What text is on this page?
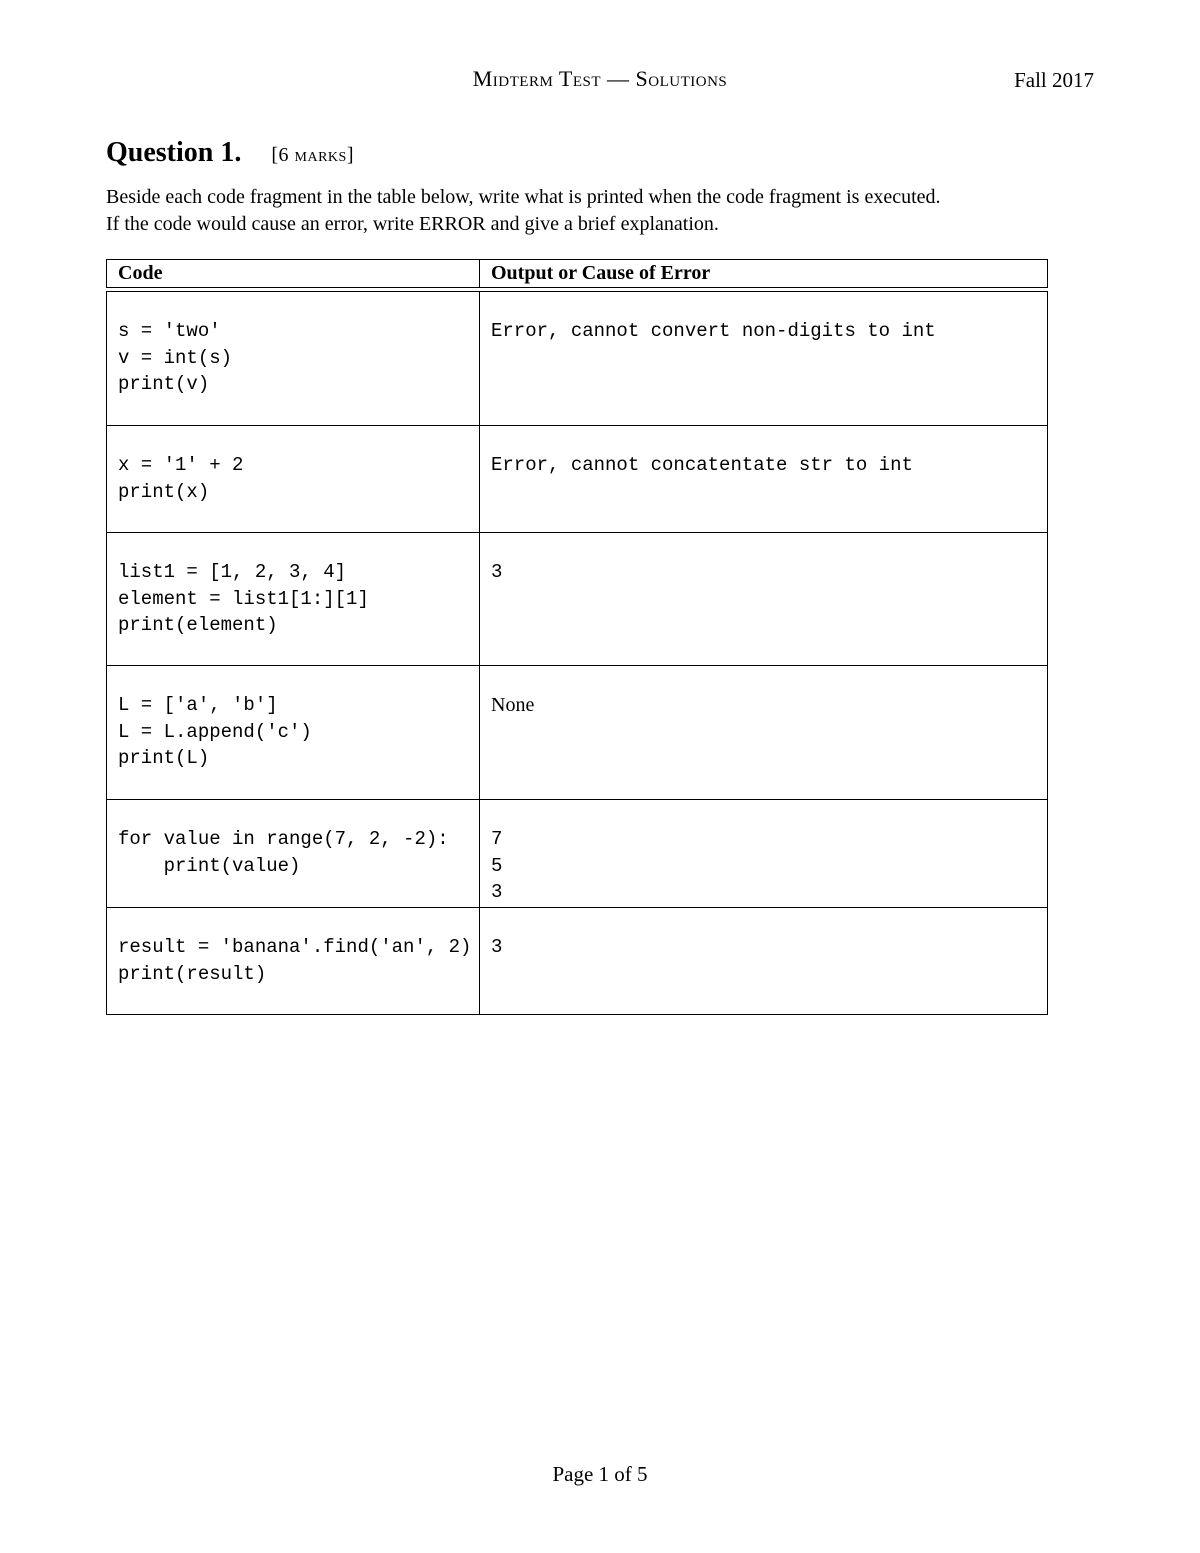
Midterm Test — Solutions	Fall 2017
Question 1. [6 marks]

Beside each code fragment in the table below, write what is printed when the code fragment is executed.

If the code would cause an error, write ERROR and give a brief explanation.

Code	Output or Cause of Error
s = 'two'
v = int(s)
print(v)
Error, cannot convert non-digits to int
x = '1' + 2
print(x)
Error, cannot concatentate str to int
list1 = [1, 2, 3, 4]
element = list1[1:][1]
print(element)
3
L = ['a', 'b']
L = L.append('c')
print(L)
None
for value in range(7, 2, -2):
print(value)
7
5
3
result = 'banana'.find('an', 2)
print(result)
3
Page 1 of 5
